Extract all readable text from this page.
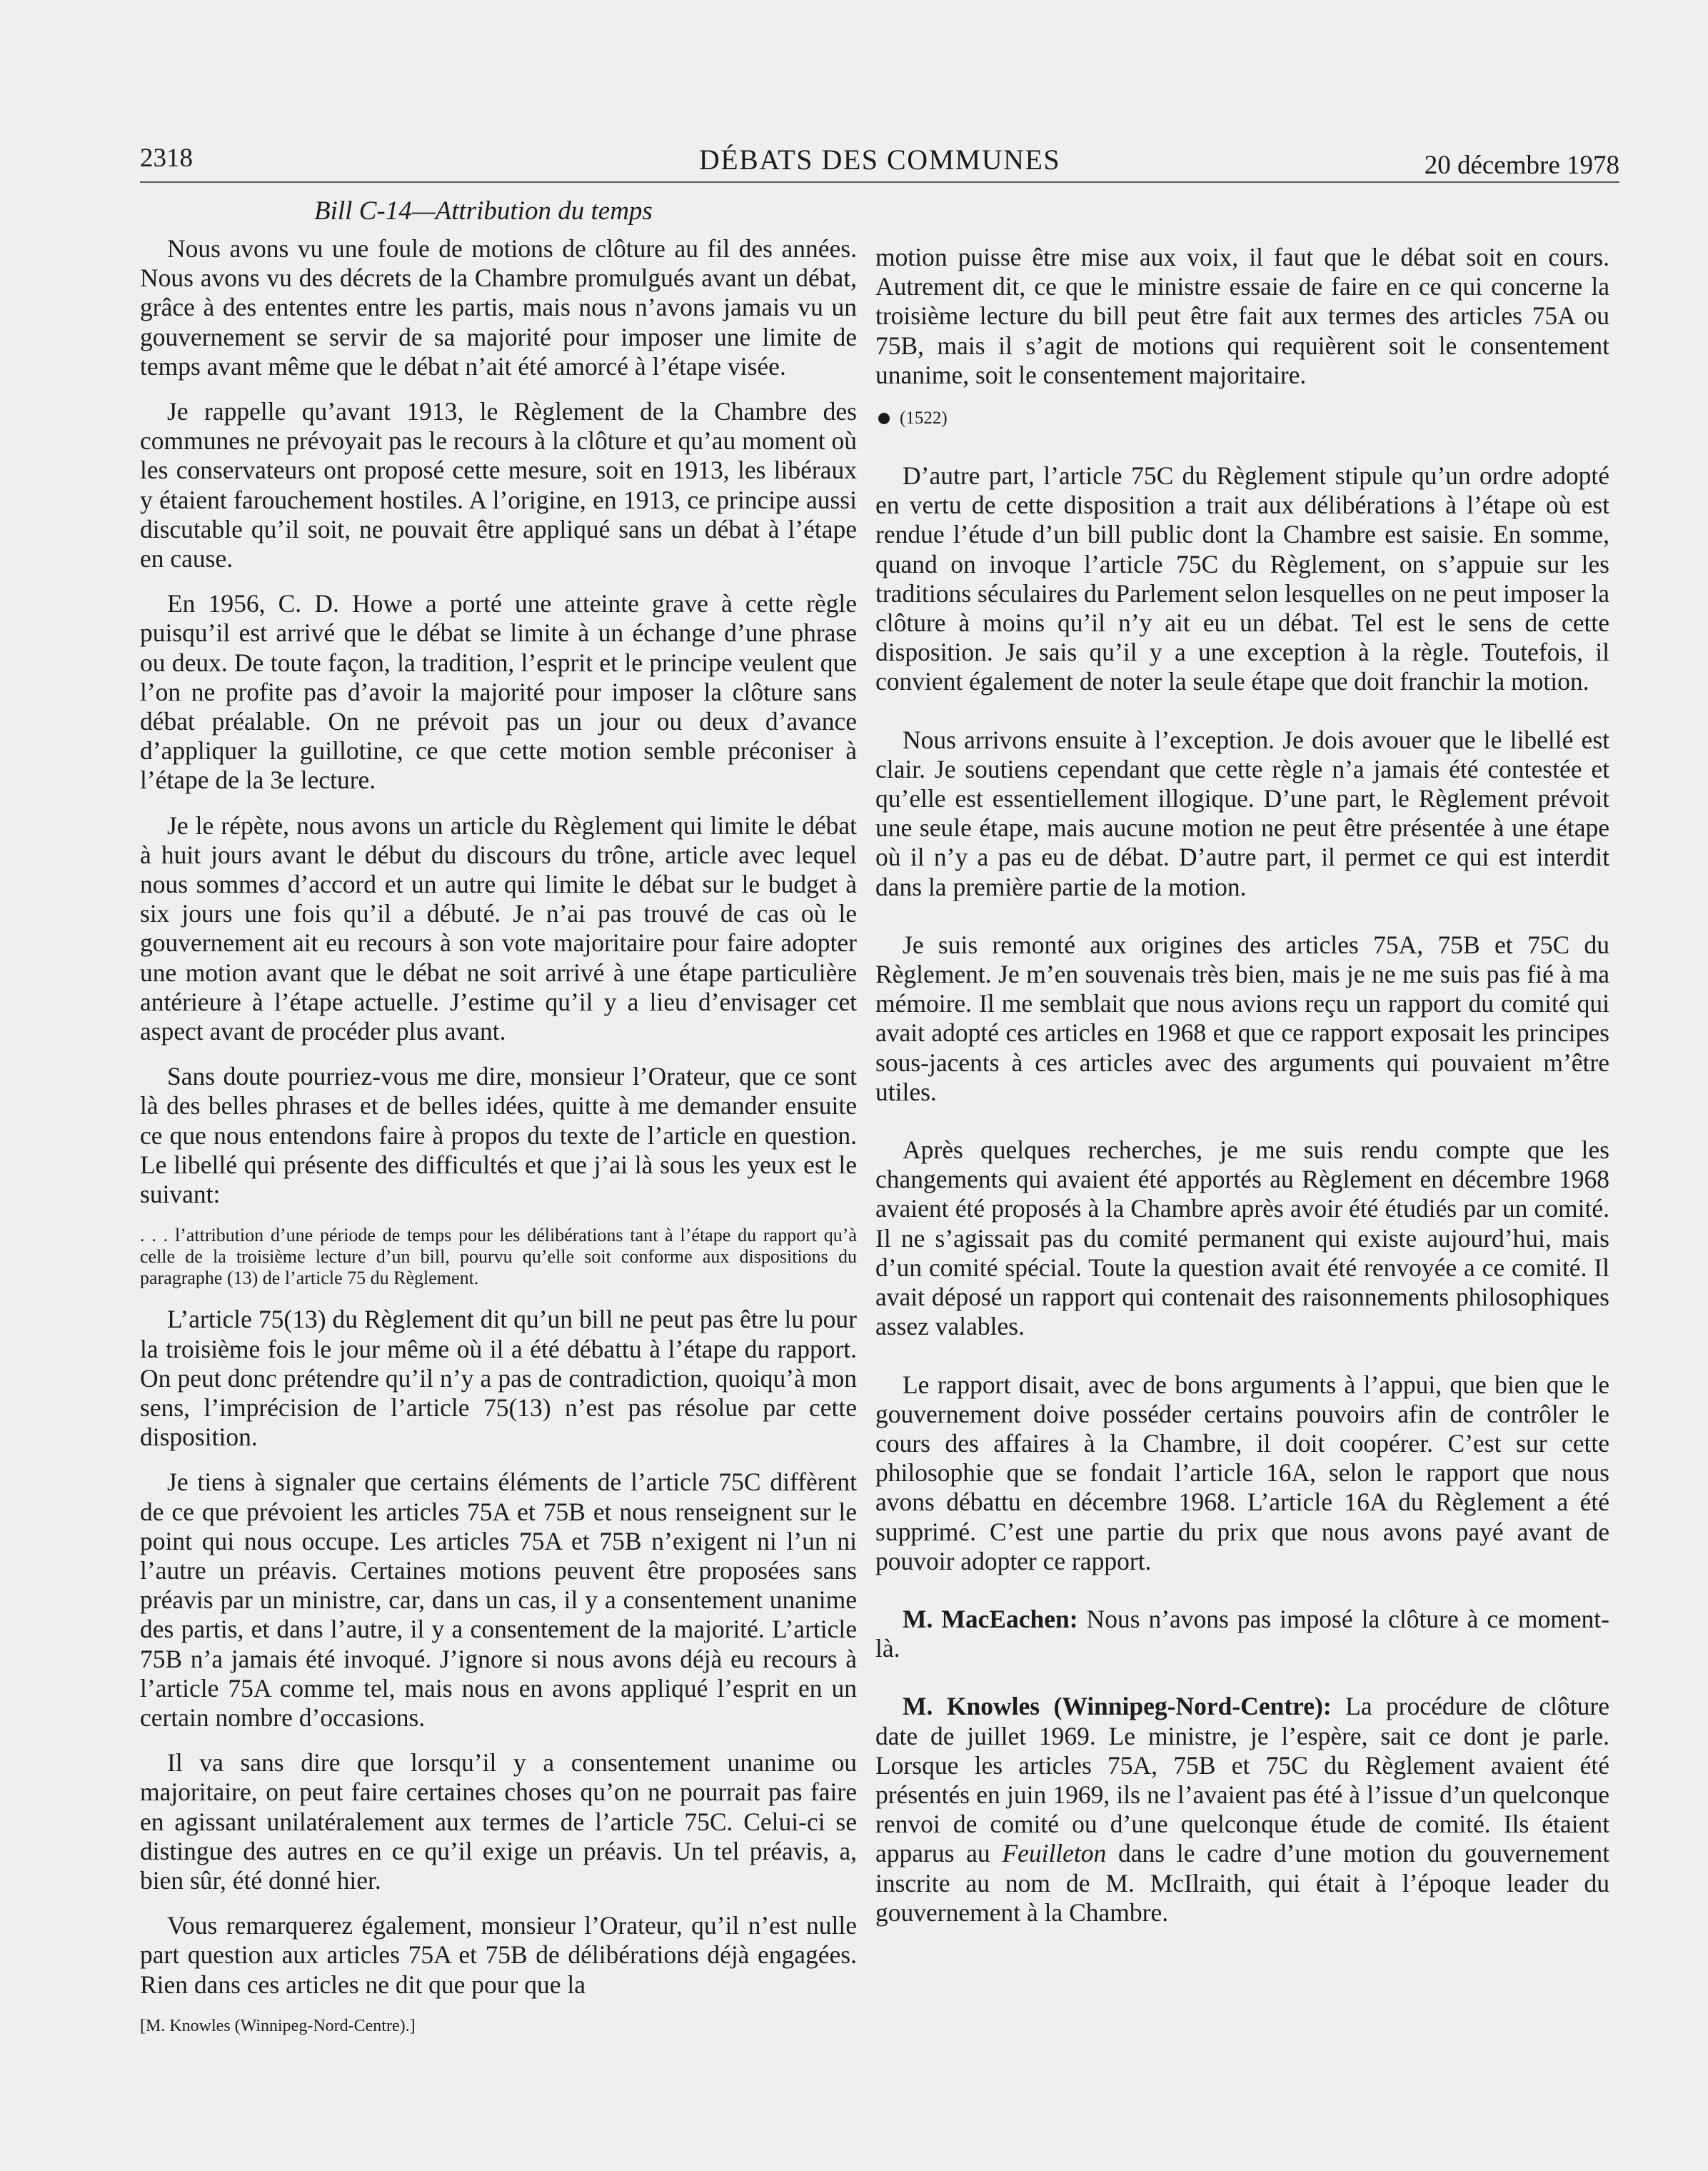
2318	DÉBATS DES COMMUNES	20 décembre 1978
Bill C-14—Attribution du temps

Nous avons vu une foule de motions de clôture au fil des années. Nous avons vu des décrets de la Chambre promulgués avant un débat, grâce à des ententes entre les partis, mais nous n’avons jamais vu un gouvernement se servir de sa majorité pour imposer une limite de temps avant même que le débat n’ait été amorcé à l’étape visée.

Je rappelle qu’avant 1913, le Règlement de la Chambre des communes ne prévoyait pas le recours à la clôture et qu’au moment où les conservateurs ont proposé cette mesure, soit en 1913, les libéraux y étaient farouchement hostiles. A l’origine, en 1913, ce principe aussi discutable qu’il soit, ne pouvait être appliqué sans un débat à l’étape en cause.

En 1956, C. D. Howe a porté une atteinte grave à cette règle puisqu’il est arrivé que le débat se limite à un échange d’une phrase ou deux. De toute façon, la tradition, l’esprit et le principe veulent que l’on ne profite pas d’avoir la majorité pour imposer la clôture sans débat préalable. On ne prévoit pas un jour ou deux d’avance d’appliquer la guillotine, ce que cette motion semble préconiser à l’étape de la 3e lecture.

Je le répète, nous avons un article du Règlement qui limite le débat à huit jours avant le début du discours du trône, article avec lequel nous sommes d’accord et un autre qui limite le débat sur le budget à six jours une fois qu’il a débuté. Je n’ai pas trouvé de cas où le gouvernement ait eu recours à son vote majoritaire pour faire adopter une motion avant que le débat ne soit arrivé à une étape particulière antérieure à l’étape actuelle. J’estime qu’il y a lieu d’envisager cet aspect avant de procéder plus avant.

Sans doute pourriez-vous me dire, monsieur l’Orateur, que ce sont là des belles phrases et de belles idées, quitte à me demander ensuite ce que nous entendons faire à propos du texte de l’article en question. Le libellé qui présente des difficultés et que j’ai là sous les yeux est le suivant:

. . . l’attribution d’une période de temps pour les délibérations tant à l’étape du rapport qu’à celle de la troisième lecture d’un bill, pourvu qu’elle soit conforme aux dispositions du paragraphe (13) de l’article 75 du Règlement.

L’article 75(13) du Règlement dit qu’un bill ne peut pas être lu pour la troisième fois le jour même où il a été débattu à l’étape du rapport. On peut donc prétendre qu’il n’y a pas de contradiction, quoiqu’à mon sens, l’imprécision de l’article 75(13) n’est pas résolue par cette disposition.

Je tiens à signaler que certains éléments de l’article 75C diffèrent de ce que prévoient les articles 75A et 75B et nous renseignent sur le point qui nous occupe. Les articles 75A et 75B n’exigent ni l’un ni l’autre un préavis. Certaines motions peuvent être proposées sans préavis par un ministre, car, dans un cas, il y a consentement unanime des partis, et dans l’autre, il y a consentement de la majorité. L’article 75B n’a jamais été invoqué. J’ignore si nous avons déjà eu recours à l’article 75A comme tel, mais nous en avons appliqué l’esprit en un certain nombre d’occasions.

Il va sans dire que lorsqu’il y a consentement unanime ou majoritaire, on peut faire certaines choses qu’on ne pourrait pas faire en agissant unilatéralement aux termes de l’article 75C. Celui-ci se distingue des autres en ce qu’il exige un préavis. Un tel préavis, a, bien sûr, été donné hier.

Vous remarquerez également, monsieur l’Orateur, qu’il n’est nulle part question aux articles 75A et 75B de délibérations déjà engagées. Rien dans ces articles ne dit que pour que la

[M. Knowles (Winnipeg-Nord-Centre).]

motion puisse être mise aux voix, il faut que le débat soit en cours. Autrement dit, ce que le ministre essaie de faire en ce qui concerne la troisième lecture du bill peut être fait aux termes des articles 75A ou 75B, mais il s’agit de motions qui requièrent soit le consentement unanime, soit le consentement majoritaire.

(1522)

D’autre part, l’article 75C du Règlement stipule qu’un ordre adopté en vertu de cette disposition a trait aux délibérations à l’étape où est rendue l’étude d’un bill public dont la Chambre est saisie. En somme, quand on invoque l’article 75C du Règlement, on s’appuie sur les traditions séculaires du Parlement selon lesquelles on ne peut imposer la clôture à moins qu’il n’y ait eu un débat. Tel est le sens de cette disposition. Je sais qu’il y a une exception à la règle. Toutefois, il convient également de noter la seule étape que doit franchir la motion.

Nous arrivons ensuite à l’exception. Je dois avouer que le libellé est clair. Je soutiens cependant que cette règle n’a jamais été contestée et qu’elle est essentiellement illogique. D’une part, le Règlement prévoit une seule étape, mais aucune motion ne peut être présentée à une étape où il n’y a pas eu de débat. D’autre part, il permet ce qui est interdit dans la première partie de la motion.

Je suis remonté aux origines des articles 75A, 75B et 75C du Règlement. Je m’en souvenais très bien, mais je ne me suis pas fié à ma mémoire. Il me semblait que nous avions reçu un rapport du comité qui avait adopté ces articles en 1968 et que ce rapport exposait les principes sous-jacents à ces articles avec des arguments qui pouvaient m’être utiles.

Après quelques recherches, je me suis rendu compte que les changements qui avaient été apportés au Règlement en décembre 1968 avaient été proposés à la Chambre après avoir été étudiés par un comité. Il ne s’agissait pas du comité permanent qui existe aujourd’hui, mais d’un comité spécial. Toute la question avait été renvoyée a ce comité. Il avait déposé un rapport qui contenait des raisonnements philosophiques assez valables.

Le rapport disait, avec de bons arguments à l’appui, que bien que le gouvernement doive posséder certains pouvoirs afin de contrôler le cours des affaires à la Chambre, il doit coopérer. C’est sur cette philosophie que se fondait l’article 16A, selon le rapport que nous avons débattu en décembre 1968. L’article 16A du Règlement a été supprimé. C’est une partie du prix que nous avons payé avant de pouvoir adopter ce rapport.

M. MacEachen: Nous n’avons pas imposé la clôture à ce moment-là.

M. Knowles (Winnipeg-Nord-Centre): La procédure de clôture date de juillet 1969. Le ministre, je l’espère, sait ce dont je parle. Lorsque les articles 75A, 75B et 75C du Règlement avaient été présentés en juin 1969, ils ne l’avaient pas été à l’issue d’un quelconque renvoi de comité ou d’une quelconque étude de comité. Ils étaient apparus au Feuilleton dans le cadre d’une motion du gouvernement inscrite au nom de M. McIlraith, qui était à l’époque leader du gouvernement à la Chambre.
